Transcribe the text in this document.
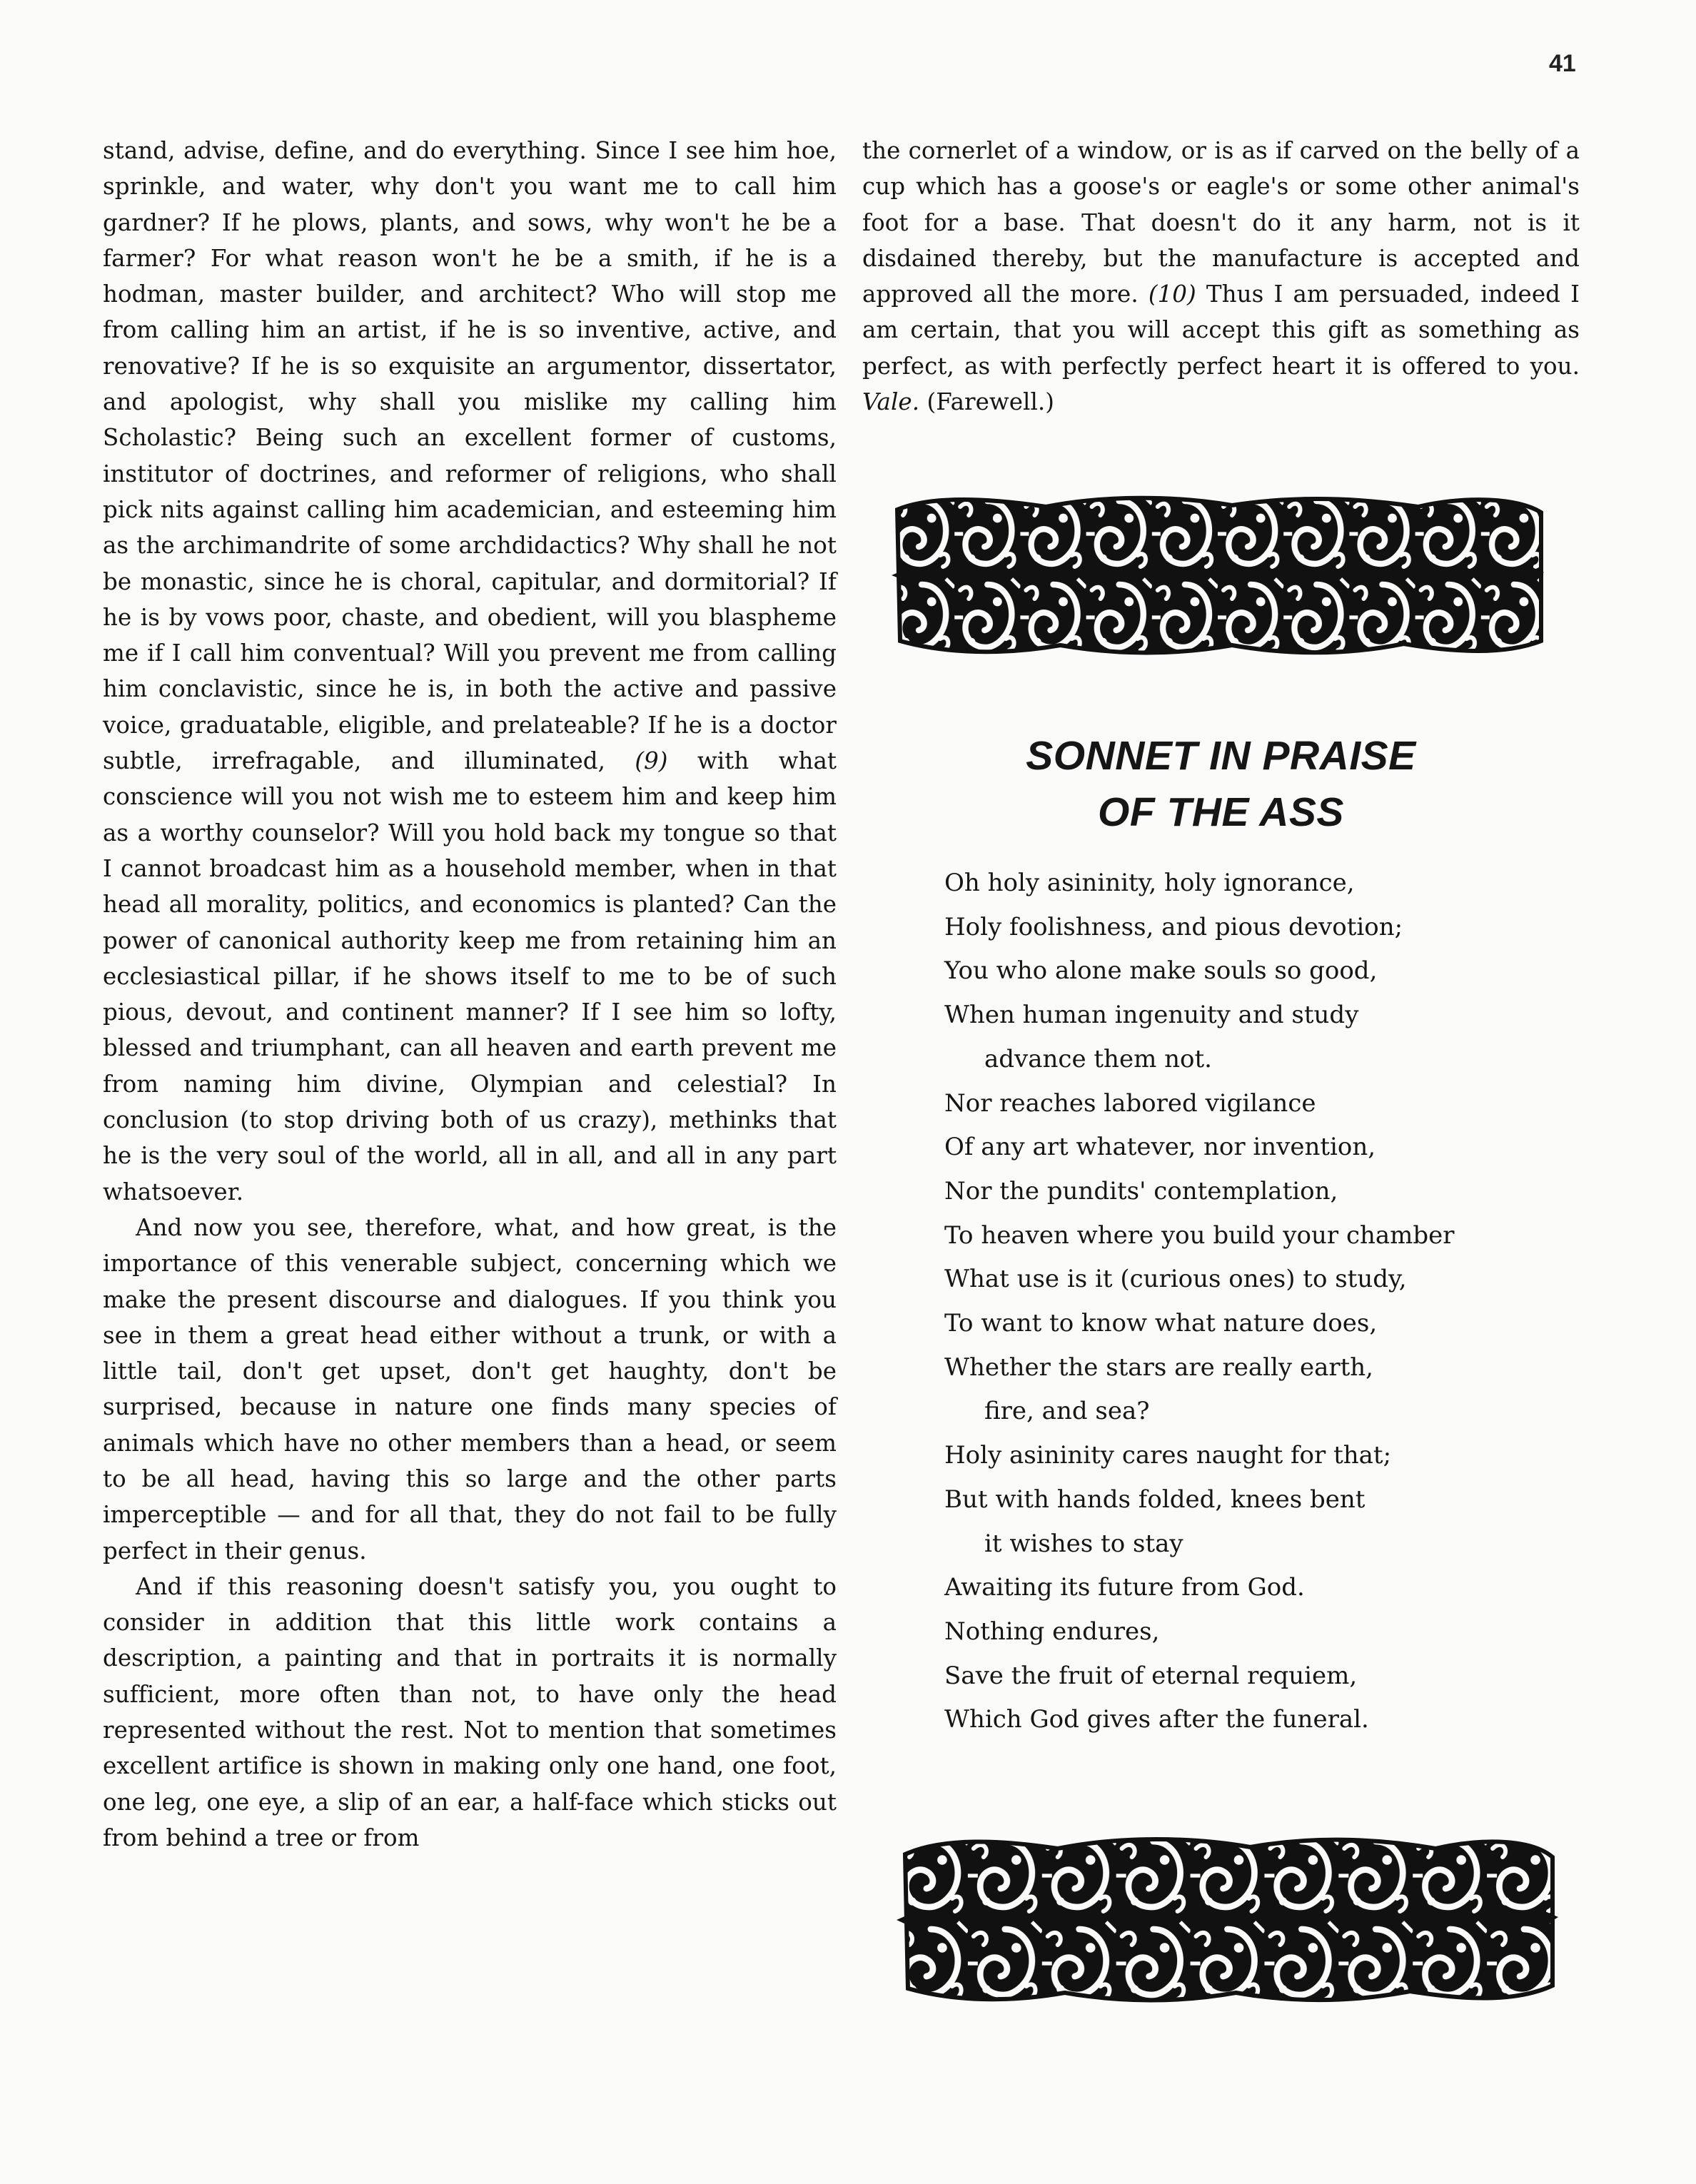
41

stand, advise, define, and do everything. Since I see him hoe, sprinkle, and water, why don't you want me to call him gardner? If he plows, plants, and sows, why won't he be a farmer? For what reason won't he be a smith, if he is a hodman, master builder, and architect? Who will stop me from calling him an artist, if he is so inventive, active, and renovative? If he is so exquisite an argumentor, dissertator, and apologist, why shall you mislike my calling him Scholastic? Being such an excellent former of customs, institutor of doctrines, and reformer of religions, who shall pick nits against calling him academician, and esteeming him as the archimandrite of some archdidactics? Why shall he not be monastic, since he is choral, capitular, and dormitorial? If he is by vows poor, chaste, and obedient, will you blaspheme me if I call him conventual? Will you prevent me from calling him conclavistic, since he is, in both the active and passive voice, graduatable, eligible, and prelateable? If he is a doctor subtle, irrefragable, and illuminated, (9) with what conscience will you not wish me to esteem him and keep him as a worthy counselor? Will you hold back my tongue so that I cannot broadcast him as a household member, when in that head all morality, politics, and economics is planted? Can the power of canonical authority keep me from retaining him an ecclesiastical pillar, if he shows itself to me to be of such pious, devout, and continent manner? If I see him so lofty, blessed and triumphant, can all heaven and earth prevent me from naming him divine, Olympian and celestial? In conclusion (to stop driving both of us crazy), methinks that he is the very soul of the world, all in all, and all in any part whatsoever.

And now you see, therefore, what, and how great, is the importance of this venerable subject, concerning which we make the present discourse and dialogues. If you think you see in them a great head either without a trunk, or with a little tail, don't get upset, don't get haughty, don't be surprised, because in nature one finds many species of animals which have no other members than a head, or seem to be all head, having this so large and the other parts imperceptible — and for all that, they do not fail to be fully perfect in their genus.

And if this reasoning doesn't satisfy you, you ought to consider in addition that this little work contains a description, a painting and that in portraits it is normally sufficient, more often than not, to have only the head represented without the rest. Not to mention that sometimes excellent artifice is shown in making only one hand, one foot, one leg, one eye, a slip of an ear, a half-face which sticks out from behind a tree or from

the cornerlet of a window, or is as if carved on the belly of a cup which has a goose's or eagle's or some other animal's foot for a base. That doesn't do it any harm, not is it disdained thereby, but the manufacture is accepted and approved all the more. (10) Thus I am persuaded, indeed I am certain, that you will accept this gift as something as perfect, as with perfectly perfect heart it is offered to you. Vale. (Farewell.)

SONNET IN PRAISE
OF THE ASS
Oh holy asininity, holy ignorance,
Holy foolishness, and pious devotion;
You who alone make souls so good,
When human ingenuity and study
advance them not.
Nor reaches labored vigilance
Of any art whatever, nor invention,
Nor the pundits' contemplation,
To heaven where you build your chamber
What use is it (curious ones) to study,
To want to know what nature does,
Whether the stars are really earth,
fire, and sea?
Holy asininity cares naught for that;
But with hands folded, knees bent
it wishes to stay
Awaiting its future from God.
Nothing endures,
Save the fruit of eternal requiem,
Which God gives after the funeral.
